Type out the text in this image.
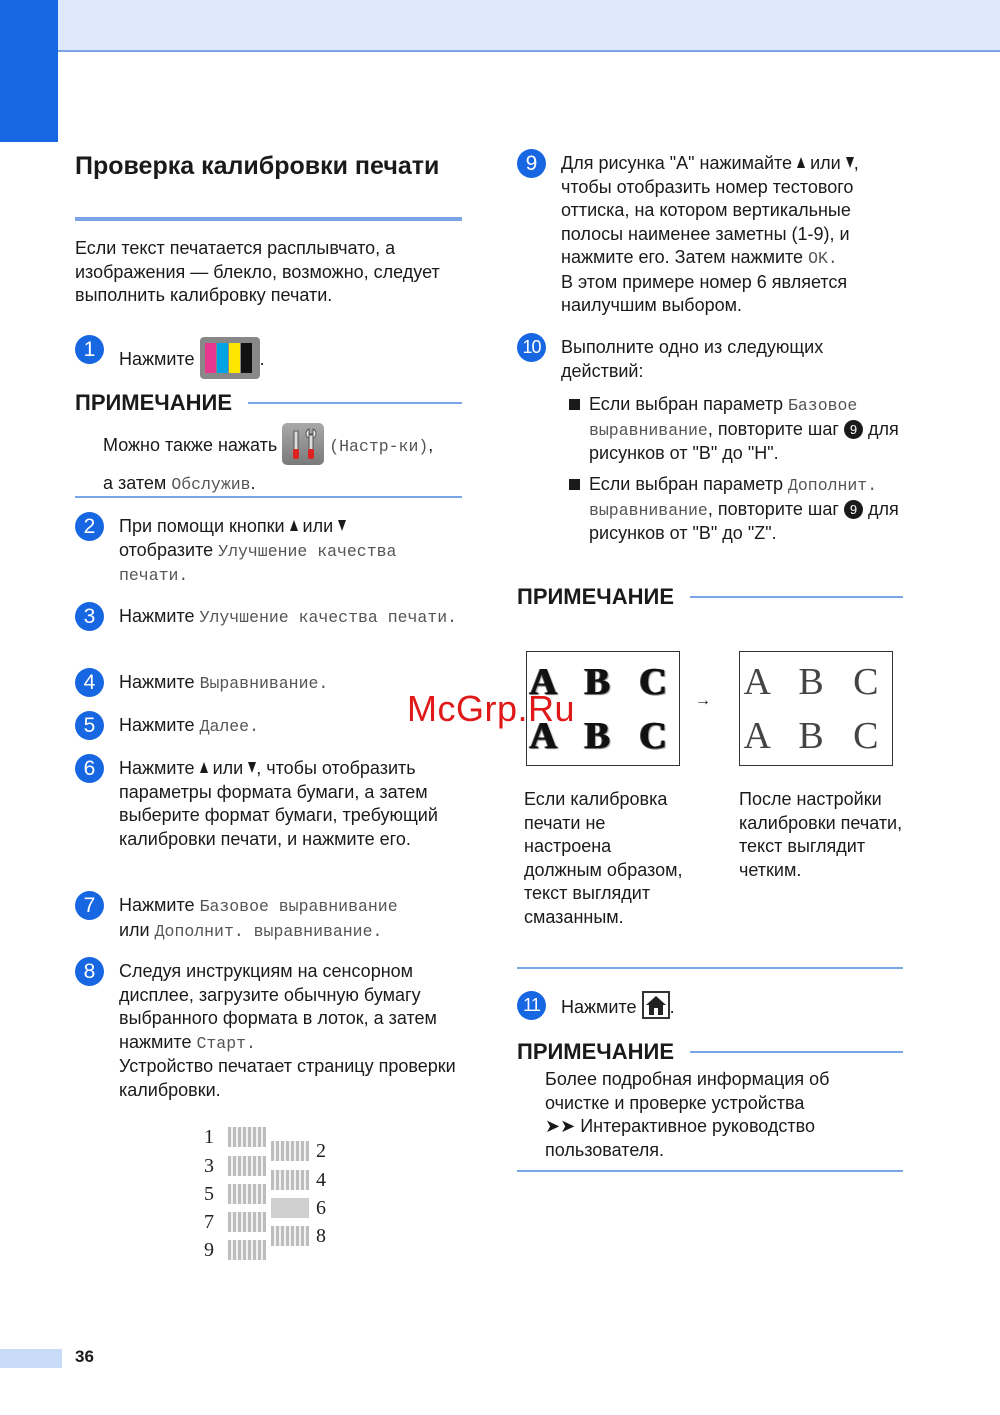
Проверка калибровки печати

Если текст печатается расплывчато, а изображения — блекло, возможно, следует выполнить калибровку печати.

1	Нажмите	.
ПРИМЕЧАНИЕ
Можно также нажать	(Настр-ки),
а затем Обслужив.
2	При помощи кнопки или
отобразите Улучшение качества печати.
3	Нажмите Улучшение качества печати.
4	Нажмите Выравнивание.
5	Нажмите Далее.
6	Нажмите или , чтобы отобразить параметры формата бумаги, а затем выберите формат бумаги, требующий калибровки печати, и нажмите его.
7	Нажмите Базовое выравнивание
или Дополнит. выравнивание.
8	Следуя инструкциям на сенсорном дисплее, загрузите обычную бумагу выбранного формата в лоток, а затем нажмите Старт.
Устройство печатает страницу проверки калибровки.
1
2
3
4
5
6
7
8
9
9	Для рисунка "А" нажимайте или , чтобы отобразить номер тестового оттиска, на котором вертикальные полосы наименее заметны (1-9), и нажмите его. Затем нажмите OK.
В этом примере номер 6 является наилучшим выбором.
10	Выполните одно из следующих действий:
Если выбран параметр Базовое выравнивание, повторите шаг 9 для рисунков от "B" до "H".
Если выбран параметр Дополнит. выравнивание, повторите шаг 9 для рисунков от "B" до "Z".
ПРИМЕЧАНИЕ
A B C
A B C
→ A B C
A B C

Если калибровка печати не настроена должным образом, текст выглядит смазанным.

После настройки калибровки печати, текст выглядит четким.

11	Нажмите .
ПРИМЕЧАНИЕ
Более подробная информация об очистке и проверке устройства
➤➤ Интерактивное руководство пользователя.
McGrp.Ru
36
